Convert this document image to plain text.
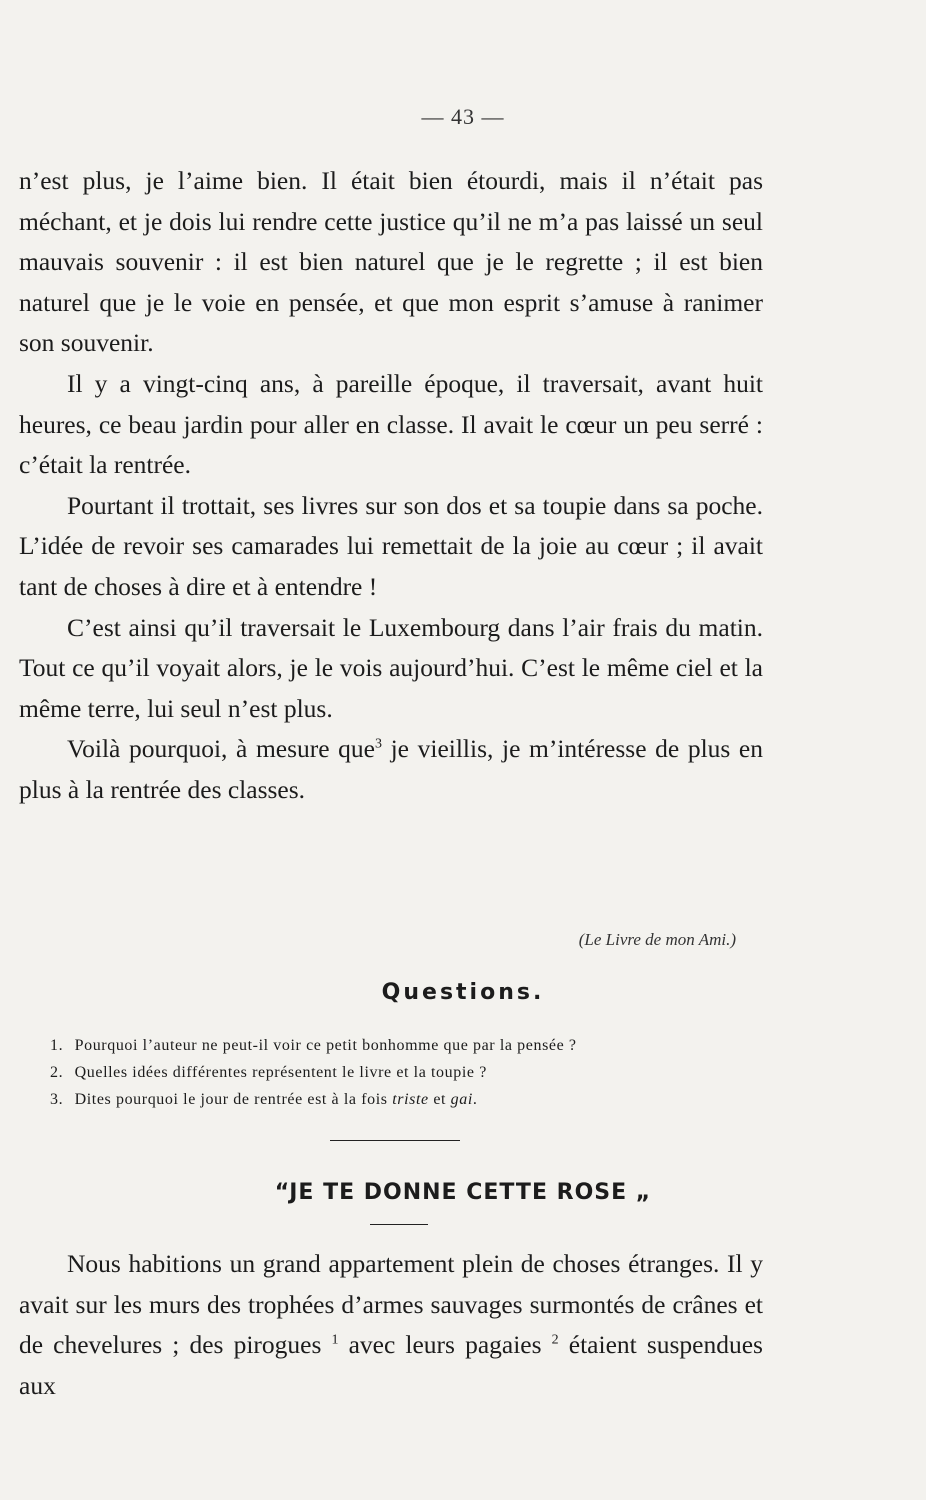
— 43 —

n’est plus, je l’aime bien. Il était bien étourdi, mais il n’était pas méchant, et je dois lui rendre cette justice qu’il ne m’a pas laissé un seul mauvais souvenir : il est bien naturel que je le regrette ; il est bien naturel que je le voie en pensée, et que mon esprit s’amuse à ranimer son souvenir.

Il y a vingt-cinq ans, à pareille époque, il traversait, avant huit heures, ce beau jardin pour aller en classe. Il avait le cœur un peu serré : c’était la rentrée.

Pourtant il trottait, ses livres sur son dos et sa toupie dans sa poche. L’idée de revoir ses camarades lui remettait de la joie au cœur ; il avait tant de choses à dire et à entendre !

C’est ainsi qu’il traversait le Luxembourg dans l’air frais du matin. Tout ce qu’il voyait alors, je le vois aujourd’hui. C’est le même ciel et la même terre, lui seul n’est plus.

Voilà pourquoi, à mesure que$^3$ je vieillis, je m’intéresse de plus en plus à la rentrée des classes.

(Le Livre de mon Ami.)
Questions.
1. Pourquoi l’auteur ne peut-il voir ce petit bonhomme que par la pensée ?
2. Quelles idées différentes représentent le livre et la toupie ?
3. Dites pourquoi le jour de rentrée est à la fois triste et gai.
“JE TE DONNE CETTE ROSE „

Nous habitions un grand appartement plein de choses étranges. Il y avait sur les murs des trophées d’armes sauvages surmontés de crânes et de chevelures ; des pirogues $^1$ avec leurs pagaies $^2$ étaient suspendues aux
